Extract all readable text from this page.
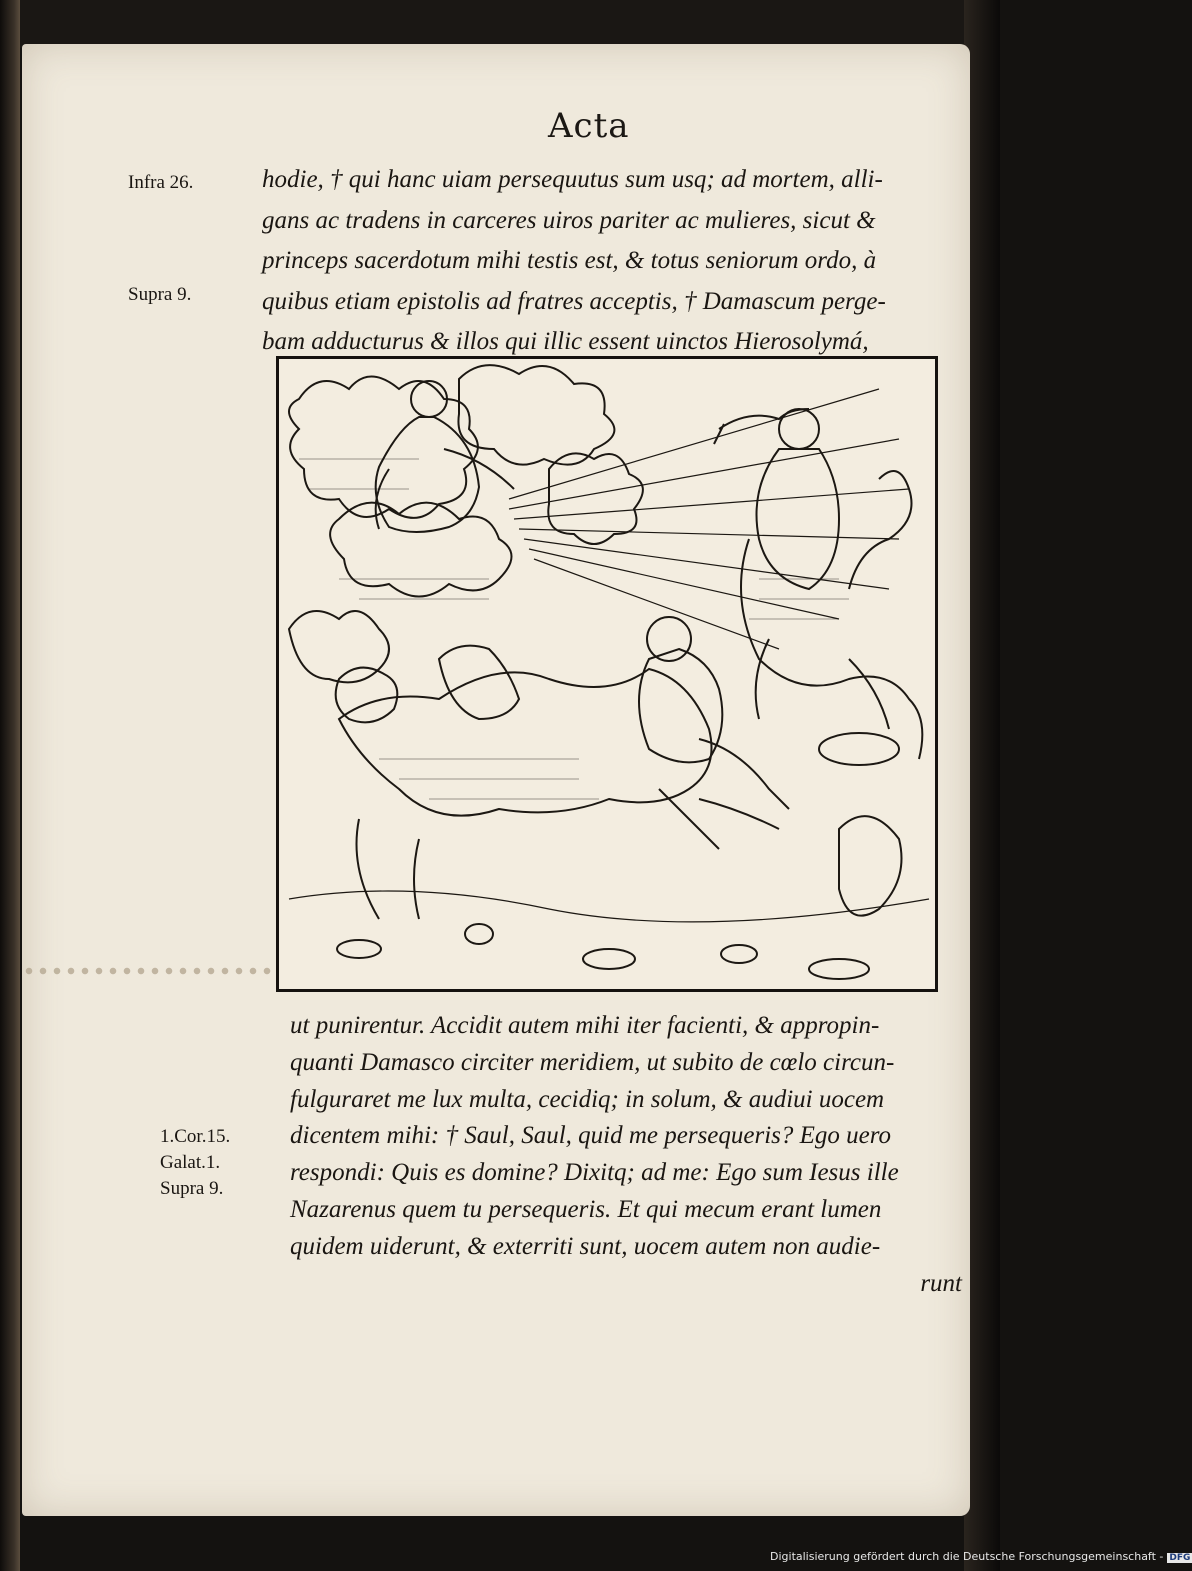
Acta
Infra 26.
Supra 9.
hodie, † qui hanc uiam persequutus sum usq; ad mortem, alli-
gans ac tradens in carceres uiros pariter ac mulieres, sicut &
princeps sacerdotum mihi testis est, & totus seniorum ordo, à
quibus etiam epistolis ad fratres acceptis, † Damascum perge-
bam adducturus & illos qui illic essent uinctos Hierosolymá,
ut punirentur. Accidit autem mihi iter facienti, & appropin-
quanti Damasco circiter meridiem, ut subito de cœlo circun-
fulguraret me lux multa, cecidiq; in solum, & audiui uocem
dicentem mihi: † Saul, Saul, quid me persequeris? Ego uero
respondi: Quis es domine? Dixitq; ad me: Ego sum Iesus ille
Nazarenus quem tu persequeris. Et qui mecum erant lumen
quidem uiderunt, & exterriti sunt, uocem autem non audie-
runt
1.Cor.15.
Galat.1.
Supra 9.
Digitalisierung gefördert durch die Deutsche Forschungsgemeinschaft - DFG
